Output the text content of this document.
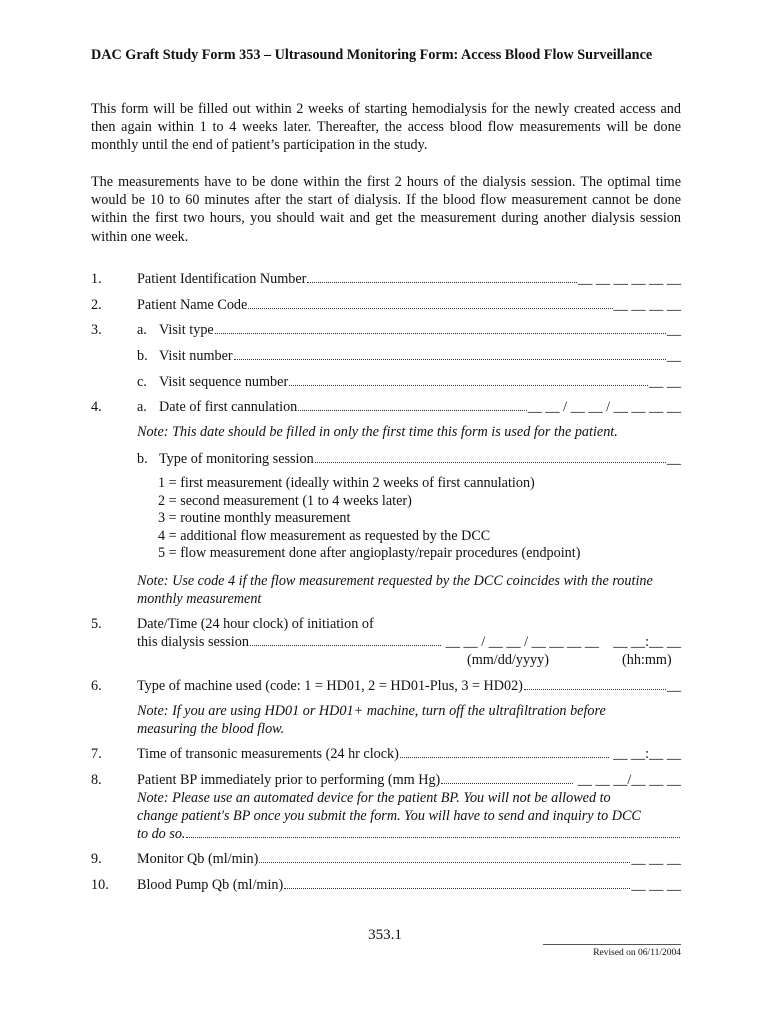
DAC Graft Study Form 353 – Ultrasound Monitoring Form: Access Blood Flow Surveillance
This form will be filled out within 2 weeks of starting hemodialysis for the newly created access and then again within 1 to 4 weeks later. Thereafter, the access blood flow measurements will be done monthly until the end of patient’s participation in the study.
The measurements have to be done within the first 2 hours of the dialysis session. The optimal time would be 10 to 60 minutes after the start of dialysis. If the blood flow measurement cannot be done within the first two hours, you should wait and get the measurement during another dialysis session within one week.
1. Patient Identification Number	__ __ __ __ __ __
2. Patient Name Code	__ __ __ __
3. a. Visit type	__
b. Visit number	__
c. Visit sequence number	__ __
4. a. Date of first cannulation	__ __ / __ __ / __ __ __ __
Note: This date should be filled in only the first time this form is used for the patient.
b. Type of monitoring session	__
1 = first measurement (ideally within 2 weeks of first cannulation)
2 = second measurement (1 to 4 weeks later)
3 = routine monthly measurement
4 = additional flow measurement as requested by the DCC
5 = flow measurement done after angioplasty/repair procedures (endpoint)
Note: Use code 4 if the flow measurement requested by the DCC coincides with the routine monthly measurement
5. Date/Time (24 hour clock) of initiation of
this dialysis session	__ __ / __ __ / __ __ __ __    __ __:__ __
(mm/dd/yyyy)	(hh:mm)
6. Type of machine used (code: 1 = HD01, 2 = HD01-Plus, 3 = HD02)	__
Note: If you are using HD01 or HD01+ machine, turn off the ultrafiltration before measuring the blood flow.
7. Time of transonic measurements (24 hr clock)	__ __:__ __
8. Patient BP immediately prior to performing (mm Hg)	__ __ __/__ __ __
Note: Please use an automated device for the patient BP. You will not be allowed to
change patient's BP once you submit the form. You will have to send and inquiry to DCC
to do so.
9. Monitor Qb (ml/min)	__ __ __
10. Blood Pump Qb (ml/min)	__ __ __
353.1
Revised on 06/11/2004
